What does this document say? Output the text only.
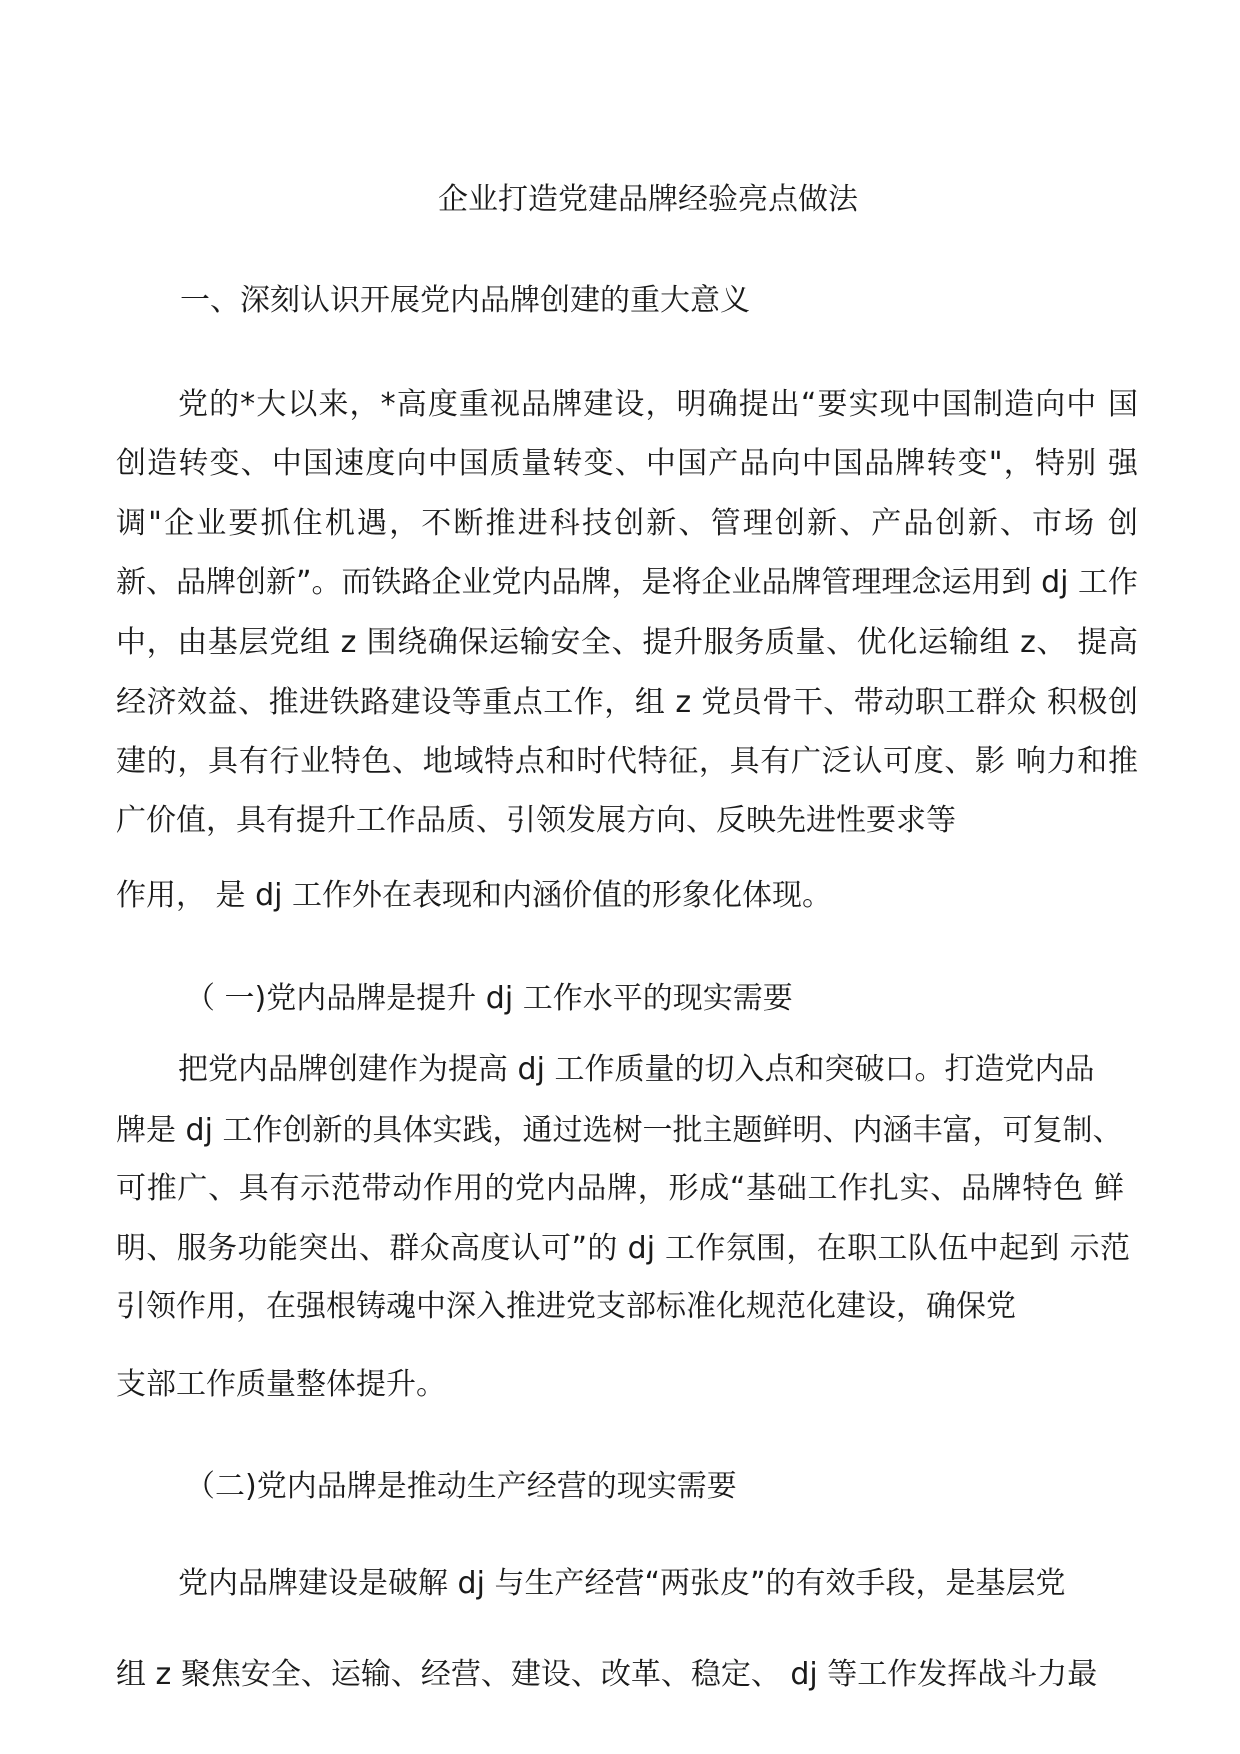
企业打造党建品牌经验亮点做法
一、深刻认识开展党内品牌创建的重大意义
党的*大以来，*高度重视品牌建设，明确提出“要实现中国制造向中 国
创造转变、中国速度向中国质量转变、中国产品向中国品牌转变"，特别 强
调"企业要抓住机遇，不断推进科技创新、管理创新、产品创新、市场 创
新、品牌创新”。而铁路企业党内品牌，是将企业品牌管理理念运用到 dj 工作
中，由基层党组 z 围绕确保运输安全、提升服务质量、优化运输组 z、 提高
经济效益、推进铁路建设等重点工作，组 z 党员骨干、带动职工群众 积极创
建的，具有行业特色、地域特点和时代特征，具有广泛认可度、影 响力和推
广价值，具有提升工作品质、引领发展方向、反映先进性要求等
作用， 是 dj 工作外在表现和内涵价值的形象化体现。
（ 一)党内品牌是提升 dj 工作水平的现实需要
把党内品牌创建作为提高 dj 工作质量的切入点和突破口。打造党内品
牌是 dj 工作创新的具体实践，通过选树一批主题鲜明、内涵丰富，可复制、
可推广、具有示范带动作用的党内品牌，形成“基础工作扎实、品牌特色 鲜
明、服务功能突出、群众高度认可”的 dj 工作氛围，在职工队伍中起到 示范
引领作用，在强根铸魂中深入推进党支部标准化规范化建设，确保党
支部工作质量整体提升。
（二)党内品牌是推动生产经营的现实需要
党内品牌建设是破解 dj 与生产经营“两张皮”的有效手段，是基层党
组 z 聚焦安全、运输、经营、建设、改革、稳定、 dj 等工作发挥战斗力最
